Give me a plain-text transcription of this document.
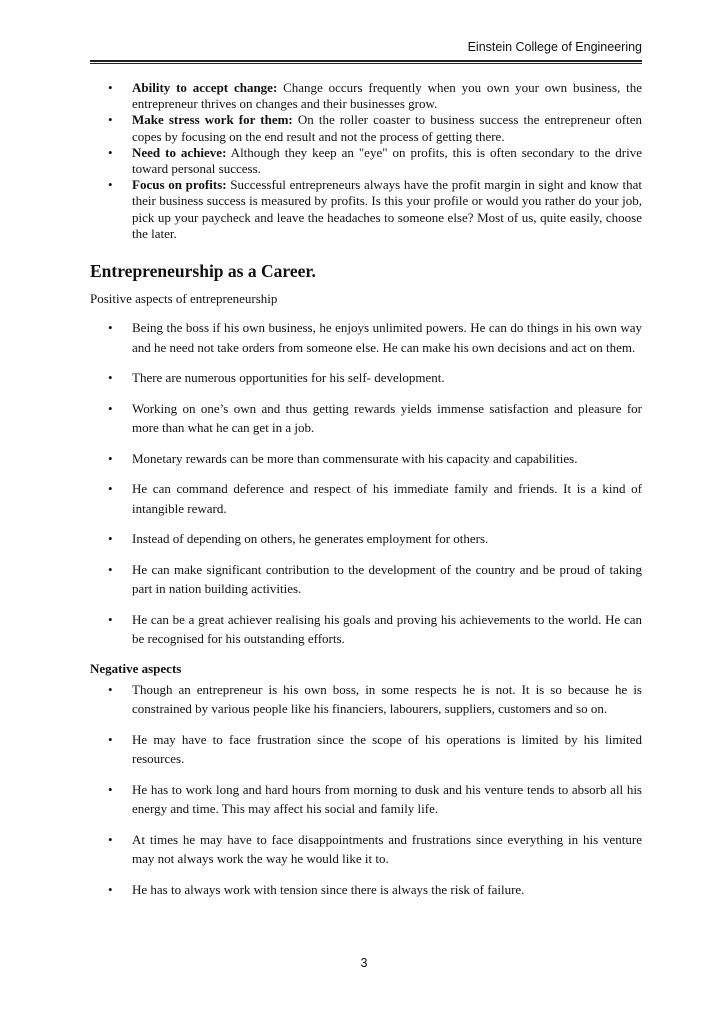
Einstein College of Engineering
• Ability to accept change: Change occurs frequently when you own your own business, the entrepreneur thrives on changes and their businesses grow.
• Make stress work for them: On the roller coaster to business success the entrepreneur often copes by focusing on the end result and not the process of getting there.
• Need to achieve: Although they keep an "eye" on profits, this is often secondary to the drive toward personal success.
• Focus on profits: Successful entrepreneurs always have the profit margin in sight and know that their business success is measured by profits. Is this your profile or would you rather do your job, pick up your paycheck and leave the headaches to someone else? Most of us, quite easily, choose the later.
Entrepreneurship as a Career.
Positive aspects of entrepreneurship
• Being the boss if his own business, he enjoys unlimited powers. He can do things in his own way and he need not take orders from someone else. He can make his own decisions and act on them.
• There are numerous opportunities for his self- development.
• Working on one’s own and thus getting rewards yields immense satisfaction and pleasure for more than what he can get in a job.
• Monetary rewards can be more than commensurate with his capacity and capabilities.
• He can command deference and respect of his immediate family and friends. It is a kind of intangible reward.
• Instead of depending on others, he generates employment for others.
• He can make significant contribution to the development of the country and be proud of taking part in nation building activities.
• He can be a great achiever realising his goals and proving his achievements to the world. He can be recognised for his outstanding efforts.
Negative aspects
• Though an entrepreneur is his own boss, in some respects he is not. It is so because he is constrained by various people like his financiers, labourers, suppliers, customers and so on.
• He may have to face frustration since the scope of his operations is limited by his limited resources.
• He has to work long and hard hours from morning to dusk and his venture tends to absorb all his energy and time. This may affect his social and family life.
• At times he may have to face disappointments and frustrations since everything in his venture may not always work the way he would like it to.
• He has to always work with tension since there is always the risk of failure.
3
